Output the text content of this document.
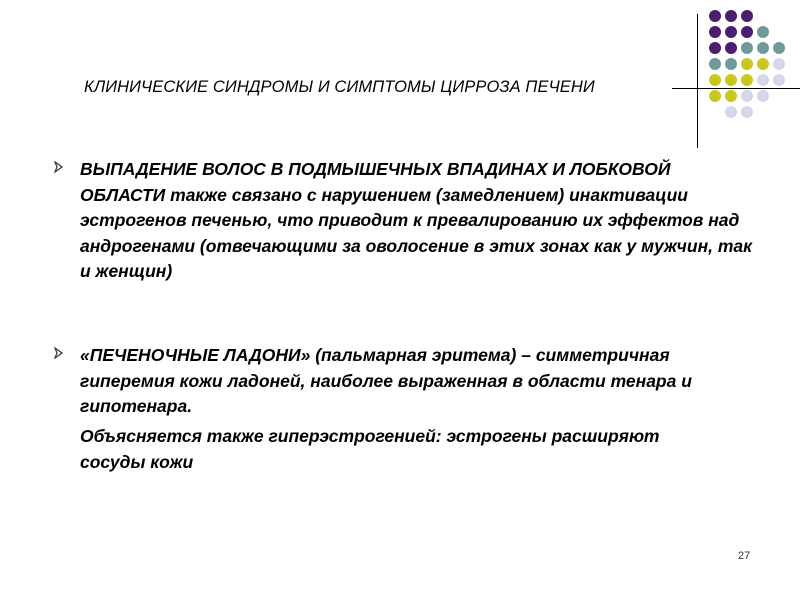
КЛИНИЧЕСКИЕ СИНДРОМЫ И СИМПТОМЫ ЦИРРОЗА ПЕЧЕНИ
ВЫПАДЕНИЕ ВОЛОС В ПОДМЫШЕЧНЫХ ВПАДИНАХ И ЛОБКОВОЙ ОБЛАСТИ также связано с нарушением (замедлением) инактивации эстрогенов печенью, что приводит к превалированию их эффектов над андрогенами (отвечающими за оволосение в этих зонах как у мужчин, так и женщин)
«ПЕЧЕНОЧНЫЕ ЛАДОНИ» (пальмарная эритема) – симметричная гиперемия кожи ладоней, наиболее выраженная в области тенара и гипотенара.
Объясняется также гиперэстрогенией: эстрогены расширяют сосуды кожи
27
